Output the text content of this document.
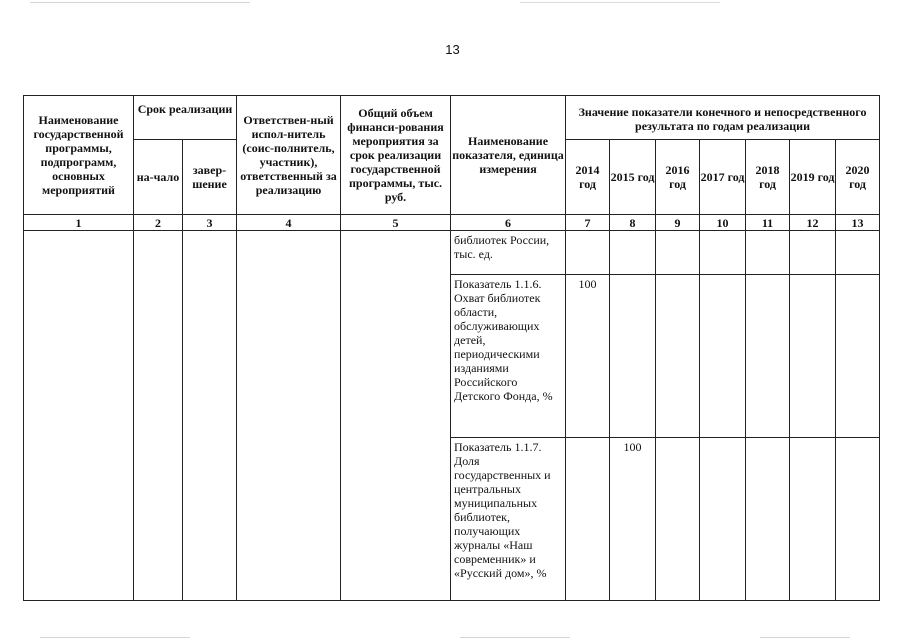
13
Наименование государственной программы, подпрограмм, основных мероприятий	Срок реализации		Ответствен-ный испол-нитель (соис-полнитель, участник), ответственный за реализацию	Общий объем финанси-рования мероприятия за срок реализации государственной программы, тыс. руб.	Наименование показателя, единица измерения	Значение показатели конечного и непосредственного результата по годам реализации						
	на-чало	завер-шение				2014 год	2015 год	2016 год	2017 год	2018 год	2019 год	2020 год
1	2	3	4	5	6	7	8	9	10	11	12	13
					библиотек России, тыс. ед.							
					Показатель 1.1.6. Охват библиотек области, обслуживающих детей, периодическими изданиями Российского Детского Фонда, %	100						
					Показатель 1.1.7. Доля государственных и центральных муниципальных библиотек, получающих журналы «Наш современник» и «Русский дом», %		100					
